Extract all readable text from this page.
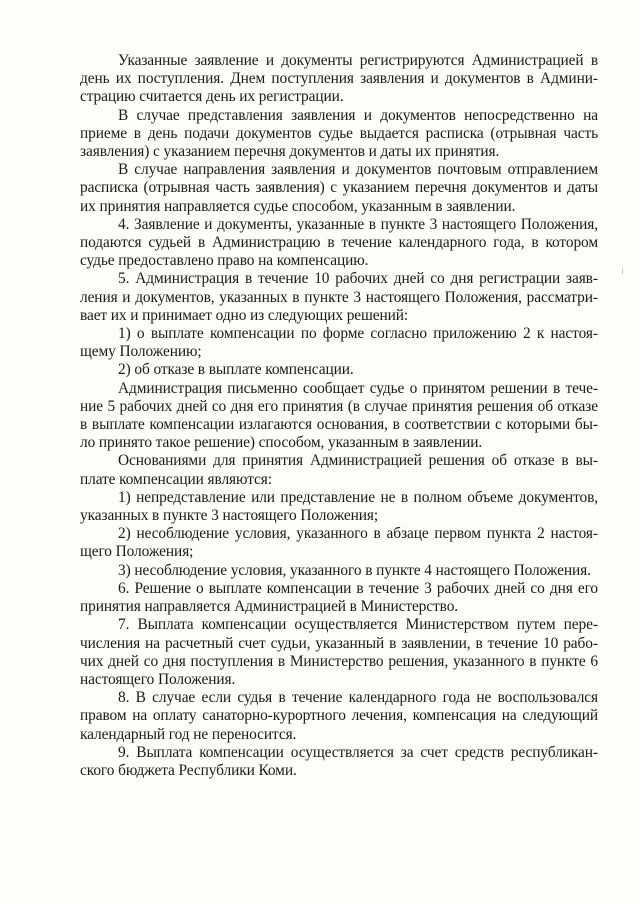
Указанные заявление и документы регистрируются Администрацией в день их поступления. Днем поступления заявления и документов в Администрацию считается день их регистрации.

В случае представления заявления и документов непосредственно на приеме в день подачи документов судье выдается расписка (отрывная часть заявления) с указанием перечня документов и даты их принятия.

В случае направления заявления и документов почтовым отправлением расписка (отрывная часть заявления) с указанием перечня документов и даты их принятия направляется судье способом, указанным в заявлении.

4. Заявление и документы, указанные в пункте 3 настоящего Положения, подаются судьей в Администрацию в течение календарного года, в котором судье предоставлено право на компенсацию.

5. Администрация в течение 10 рабочих дней со дня регистрации заявления и документов, указанных в пункте 3 настоящего Положения, рассматривает их и принимает одно из следующих решений:

1) о выплате компенсации по форме согласно приложению 2 к настоящему Положению;

2) об отказе в выплате компенсации.

Администрация письменно сообщает судье о принятом решении в течение 5 рабочих дней со дня его принятия (в случае принятия решения об отказе в выплате компенсации излагаются основания, в соответствии с которыми было принято такое решение) способом, указанным в заявлении.

Основаниями для принятия Администрацией решения об отказе в выплате компенсации являются:

1) непредставление или представление не в полном объеме документов, указанных в пункте 3 настоящего Положения;

2) несоблюдение условия, указанного в абзаце первом пункта 2 настоящего Положения;

3) несоблюдение условия, указанного в пункте 4 настоящего Положения.

6. Решение о выплате компенсации в течение 3 рабочих дней со дня его принятия направляется Администрацией в Министерство.

7. Выплата компенсации осуществляется Министерством путем перечисления на расчетный счет судьи, указанный в заявлении, в течение 10 рабочих дней со дня поступления в Министерство решения, указанного в пункте 6 настоящего Положения.

8. В случае если судья в течение календарного года не воспользовался правом на оплату санаторно-курортного лечения, компенсация на следующий календарный год не переносится.

9. Выплата компенсации осуществляется за счет средств республиканского бюджета Республики Коми.
